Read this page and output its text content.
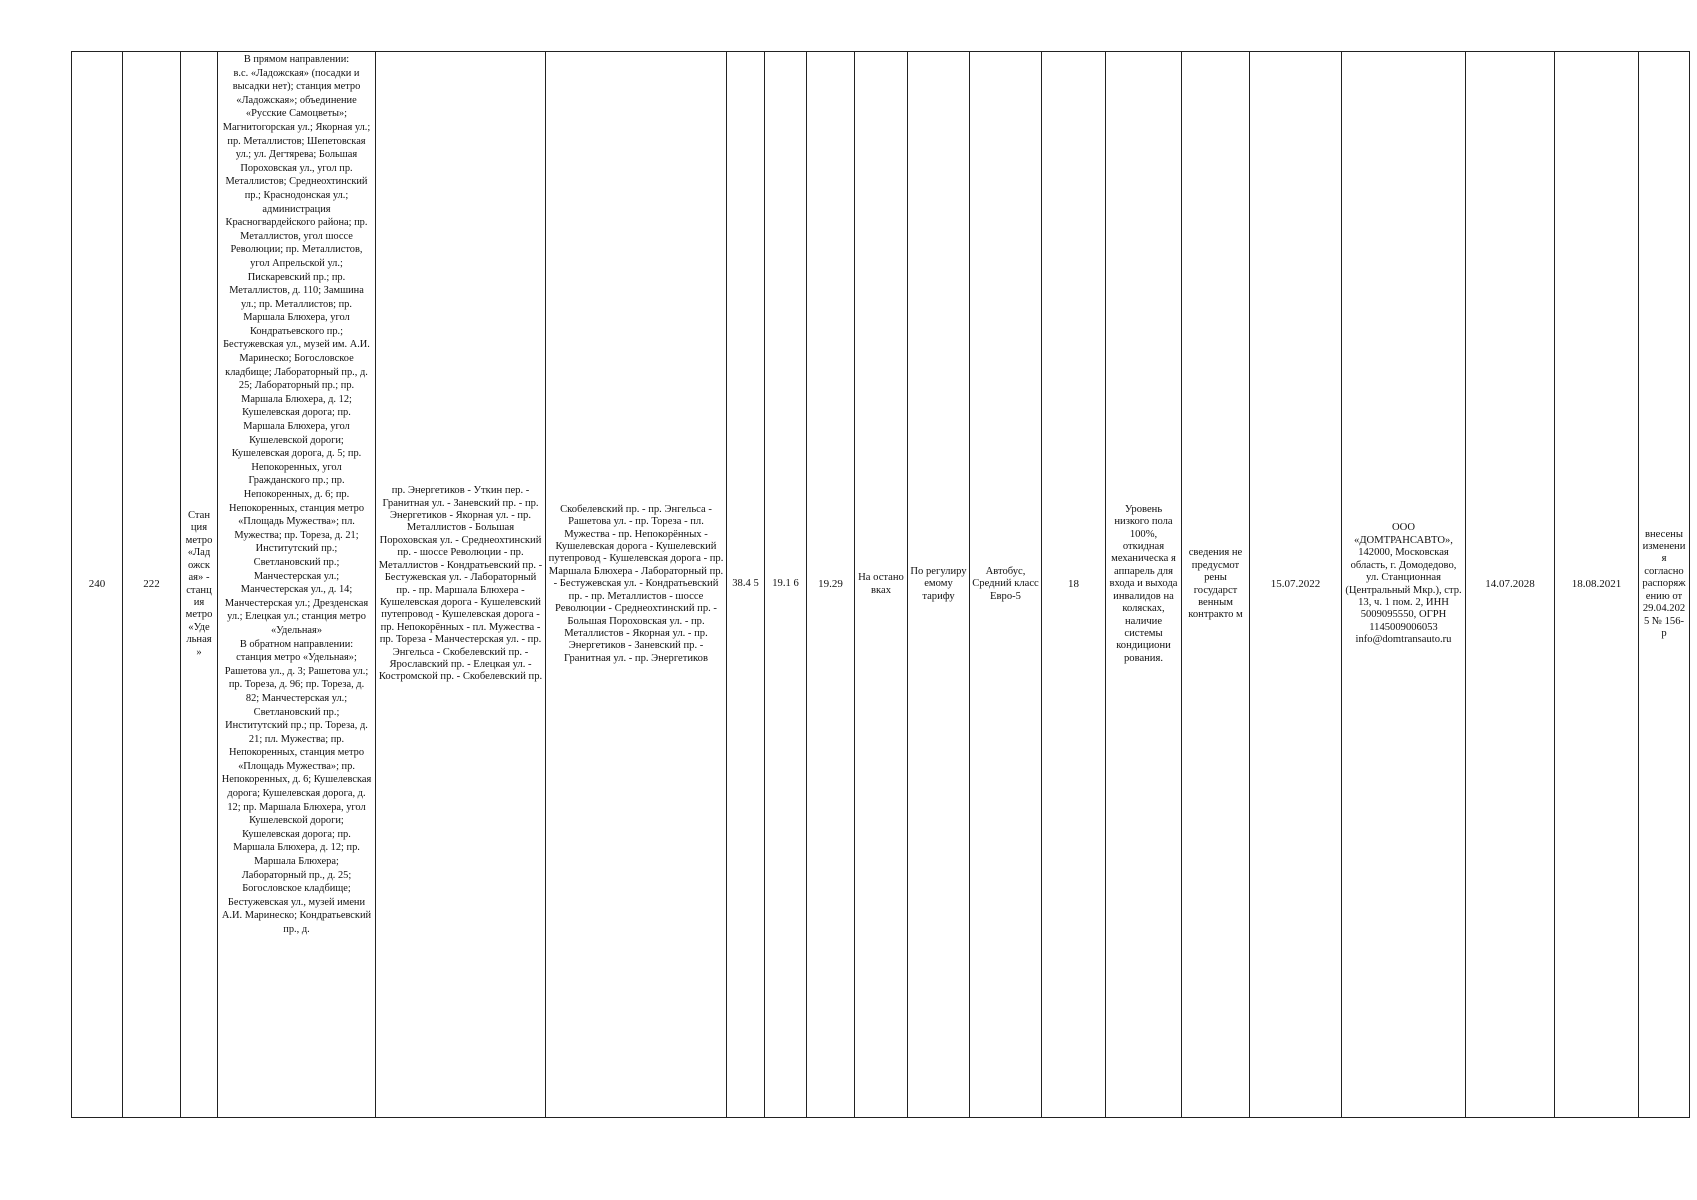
240	222	Стан ция метро «Лад ожск ая» - станц ия метро «Уде льная »	
В прямом направлении:
в.с. «Ладожская» (посадки и высадки нет); станция метро «Ладожская»; объединение «Русские Самоцветы»; Магнитогорская ул.; Якорная ул.; пр. Металлистов; Шепетовская ул.; ул. Дегтярева; Большая Пороховская ул., угол пр. Металлистов; Среднеохтинский пр.; Краснодонская ул.; администрация Красногвардейского района; пр. Металлистов, угол шоссе Революции; пр. Металлистов, угол Апрельской ул.; Пискаревский пр.; пр. Металлистов, д. 110; Замшина ул.; пр. Металлистов; пр. Маршала Блюхера, угол Кондратьевского пр.; Бестужевская ул., музей им. А.И. Маринеско; Богословское кладбище; Лабораторный пр., д. 25; Лабораторный пр.; пр. Маршала Блюхера, д. 12; Кушелевская дорога; пр. Маршала Блюхера, угол Кушелевской дороги; Кушелевская дорога, д. 5; пр. Непокоренных, угол Гражданского пр.; пр. Непокоренных, д. 6; пр. Непокоренных, станция метро «Площадь Мужества»; пл. Мужества; пр. Тореза, д. 21; Институтский пр.; Светлановский пр.; Манчестерская ул.; Манчестерская ул., д. 14; Манчестерская ул.; Дрезденская ул.; Елецкая ул.; станция метро «Удельная»
В обратном направлении:
станция метро «Удельная»; Рашетова ул., д. 3; Рашетова ул.; пр. Тореза, д. 96; пр. Тореза, д. 82; Манчестерская ул.; Светлановский пр.; Институтский пр.; пр. Тореза, д. 21; пл. Мужества; пр. Непокоренных, станция метро «Площадь Мужества»; пр. Непокоренных, д. 6; Кушелевская дорога; Кушелевская дорога, д. 12; пр. Маршала Блюхера, угол Кушелевской дороги; Кушелевская дорога; пр. Маршала Блюхера, д. 12; пр. Маршала Блюхера; Лабораторный пр., д. 25; Богословское кладбище; Бестужевская ул., музей имени А.И. Маринеско; Кондратьевский пр., д.
	пр. Энергетиков - Уткин пер. - Гранитная ул. - Заневский пр. - пр. Энергетиков - Якорная ул. - пр. Металлистов - Большая Пороховская ул. - Среднеохтинский пр. - шоссе Революции - пр. Металлистов - Кондратьевский пр. - Бестужевская ул. - Лабораторный пр. - пр. Маршала Блюхера - Кушелевская дорога - Кушелевский путепровод - Кушелевская дорога - пр. Непокорённых - пл. Мужества - пр. Тореза - Манчестерская ул. - пр. Энгельса - Скобелевский пр. - Ярославский пр. - Елецкая ул. - Костромской пр. - Скобелевский пр.	Скобелевский пр. - пр. Энгельса - Рашетова ул. - пр. Тореза - пл. Мужества - пр. Непокорённых - Кушелевская дорога - Кушелевский путепровод - Кушелевская дорога - пр. Маршала Блюхера - Лабораторный пр. - Бестужевская ул. - Кондратьевский пр. - пр. Металлистов - шоссе Революции - Среднеохтинский пр. - Большая Пороховская ул. - пр. Металлистов - Якорная ул. - пр. Энергетиков - Заневский пр. - Гранитная ул. - пр. Энергетиков	38.4 5	19.1 6	19.29	На остано вках	По регулиру емому тарифу	Автобус, Средний класс Евро-5	18	Уровень низкого пола 100%, откидная механическа я аппарель для входа и выхода инвалидов на колясках, наличие системы кондициони рования.	сведения не предусмот рены государст венным контракто м	15.07.2022	ООО «ДОМТРАНСАВТО», 142000, Московская область, г. Домодедово, ул. Станционная (Центральный Мкр.), стр. 13, ч. 1 пом. 2, ИНН 5009095550, ОГРН 1145009006053 info@domtransauto.ru	14.07.2028	18.08.2021	внесены изменени я согласно распоряж ению от 29.04.202 5 № 156- р
